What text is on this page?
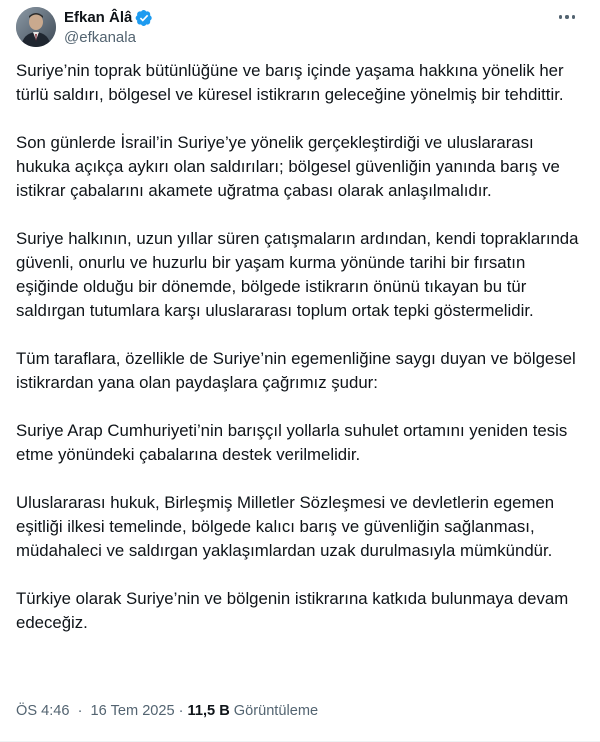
Efkan Âlâ
@efkanala

Suriye’nin toprak bütünlüğüne ve barış içinde yaşama hakkına yönelik her türlü saldırı, bölgesel ve küresel istikrarın geleceğine yönelmiş bir tehdittir.

Son günlerde İsrail’in Suriye’ye yönelik gerçekleştirdiği ve uluslararası hukuka açıkça aykırı olan saldırıları; bölgesel güvenliğin yanında barış ve istikrar çabalarını akamete uğratma çabası olarak anlaşılmalıdır.

Suriye halkının, uzun yıllar süren çatışmaların ardından, kendi topraklarında güvenli, onurlu ve huzurlu bir yaşam kurma yönünde tarihi bir fırsatın eşiğinde olduğu bir dönemde, bölgede istikrarın önünü tıkayan bu tür saldırgan tutumlara karşı uluslararası toplum ortak tepki göstermelidir.

Tüm taraflara, özellikle de Suriye’nin egemenliğine saygı duyan ve bölgesel istikrardan yana olan paydaşlara çağrımız şudur:

Suriye Arap Cumhuriyeti’nin barışçıl yollarla suhulet ortamını yeniden tesis etme yönündeki çabalarına destek verilmelidir.

Uluslararası hukuk, Birleşmiş Milletler Sözleşmesi ve devletlerin egemen eşitliği ilkesi temelinde, bölgede kalıcı barış ve güvenliğin sağlanması, müdahaleci ve saldırgan yaklaşımlardan uzak durulmasıyla mümkündür.

Türkiye olarak Suriye’nin ve bölgenin istikrarına katkıda bulunmaya devam edeceğiz.

ÖS 4:46 · 16 Tem 2025 · 11,5 B Görüntüleme
